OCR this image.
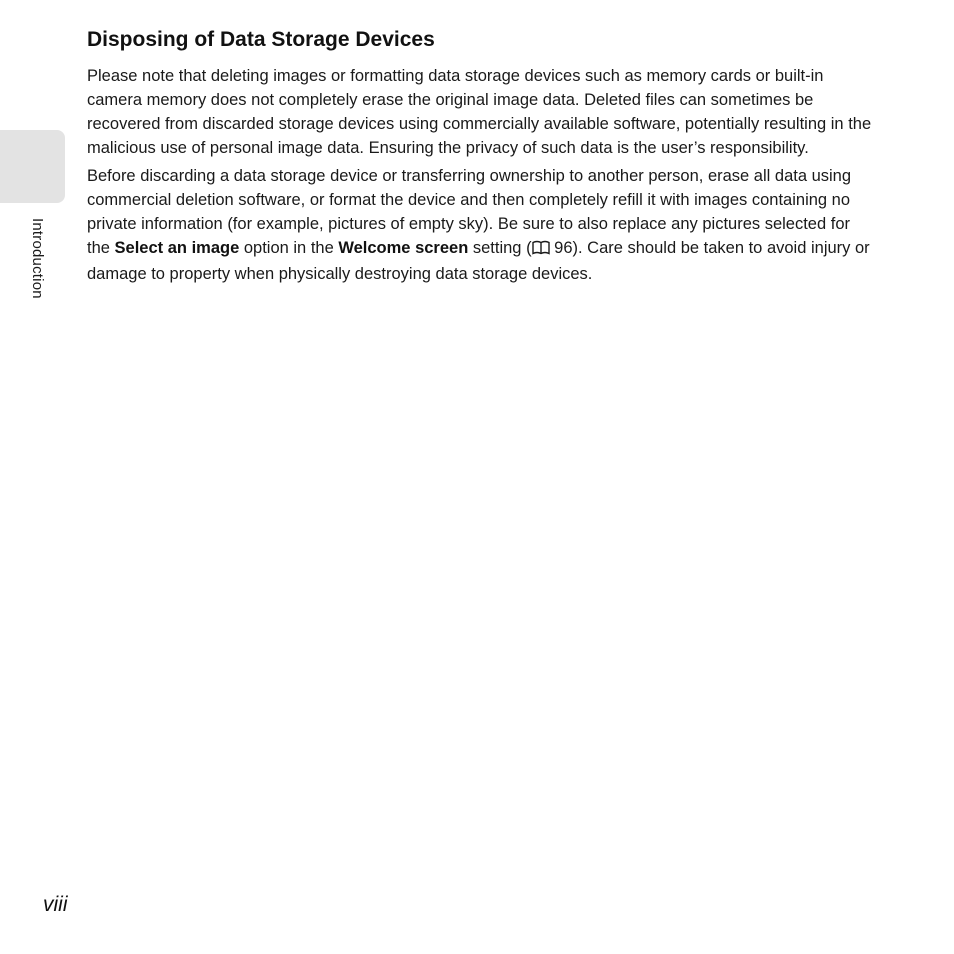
Introduction
Disposing of Data Storage Devices

Please note that deleting images or formatting data storage devices such as memory cards or built-in camera memory does not completely erase the original image data. Deleted files can sometimes be recovered from discarded storage devices using commercially available software, potentially resulting in the malicious use of personal image data. Ensuring the privacy of such data is the user’s responsibility.

Before discarding a data storage device or transferring ownership to another person, erase all data using commercial deletion software, or format the device and then completely refill it with images containing no private information (for example, pictures of empty sky). Be sure to also replace any pictures selected for the Select an image option in the Welcome screen setting ( 96). Care should be taken to avoid injury or damage to property when physically destroying data storage devices.

viii
